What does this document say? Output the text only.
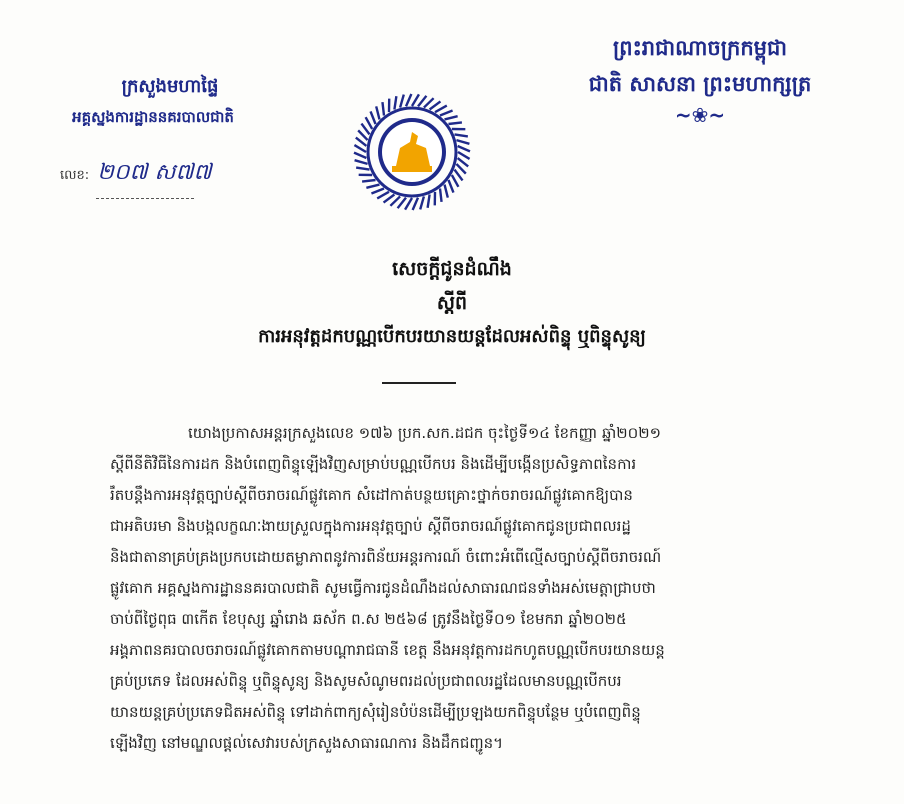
ព្រះរាជាណាចក្រកម្ពុជា
ជាតិ សាសនា ព្រះមហាក្សត្រ
~❀~
ក្រសួងមហាផ្ទៃ
អគ្គស្នងការដ្ឋាននគរបាលជាតិ
លេខ: ២០៧ ស៧៧
សេចក្តីជូនដំណឹង
ស្តីពី
ការអនុវត្តដកបណ្ណបើកបរយានយន្តដែលអស់ពិន្ទុ ឬពិន្ទុសូន្យ

យោងប្រកាសអន្តរក្រសួងលេខ ១៧៦ ប្រក.សក.ដជក ចុះថ្ងៃទី១៤ ខែកញ្ញា ឆ្នាំ២០២១

ស្តីពីនីតិវិធីនៃការដក និងបំពេញពិន្ទុឡើងវិញសម្រាប់បណ្ណបើកបរ និងដើម្បីបង្កើនប្រសិទ្ធភាពនៃការ

រឹតបន្តឹងការអនុវត្តច្បាប់ស្តីពីចរាចរណ៍ផ្លូវគោក សំដៅកាត់បន្ថយគ្រោះថ្នាក់ចរាចរណ៍ផ្លូវគោកឱ្យបាន

ជាអតិបរមា និងបង្កលក្ខណៈងាយស្រួលក្នុងការអនុវត្តច្បាប់ ស្តីពីចរាចរណ៍ផ្លូវគោកជូនប្រជាពលរដ្ឋ

និងជាតានាគ្រប់គ្រងប្រកបដោយតម្លាភាពនូវការពិន័យអន្តរការណ៍ ចំពោះអំពើល្មើសច្បាប់ស្តីពីចរាចរណ៍

ផ្លូវគោក អគ្គស្នងការដ្ឋាននគរបាលជាតិ សូមធ្វើការជូនដំណឹងដល់សាធារណជនទាំងអស់មេត្តាជ្រាបថា

ចាប់ពីថ្ងៃពុធ ៣កើត ខែបុស្ស ឆ្នាំរោង ឆស័ក ព.ស ២៥៦៨ ត្រូវនឹងថ្ងៃទី០១ ខែមករា ឆ្នាំ២០២៥

អង្គភាពនគរបាលចរាចរណ៍ផ្លូវគោកតាមបណ្តារាជធានី ខេត្ត នឹងអនុវត្តការដកហូតបណ្ណបើកបរយានយន្ត

គ្រប់ប្រភេទ ដែលអស់ពិន្ទុ ឬពិន្ទុសូន្យ និងសូមសំណូមពរដល់ប្រជាពលរដ្ឋដែលមានបណ្ណបើកបរ

យានយន្តគ្រប់ប្រភេទជិតអស់ពិន្ទុ ទៅដាក់ពាក្យសុំរៀនបំប៉នដើម្បីប្រឡងយកពិន្ទុបន្ថែម ឬបំពេញពិន្ទុ

ឡើងវិញ នៅមណ្ឌលផ្តល់សេវារបស់ក្រសួងសាធារណការ និងដឹកជញ្ជូន។
